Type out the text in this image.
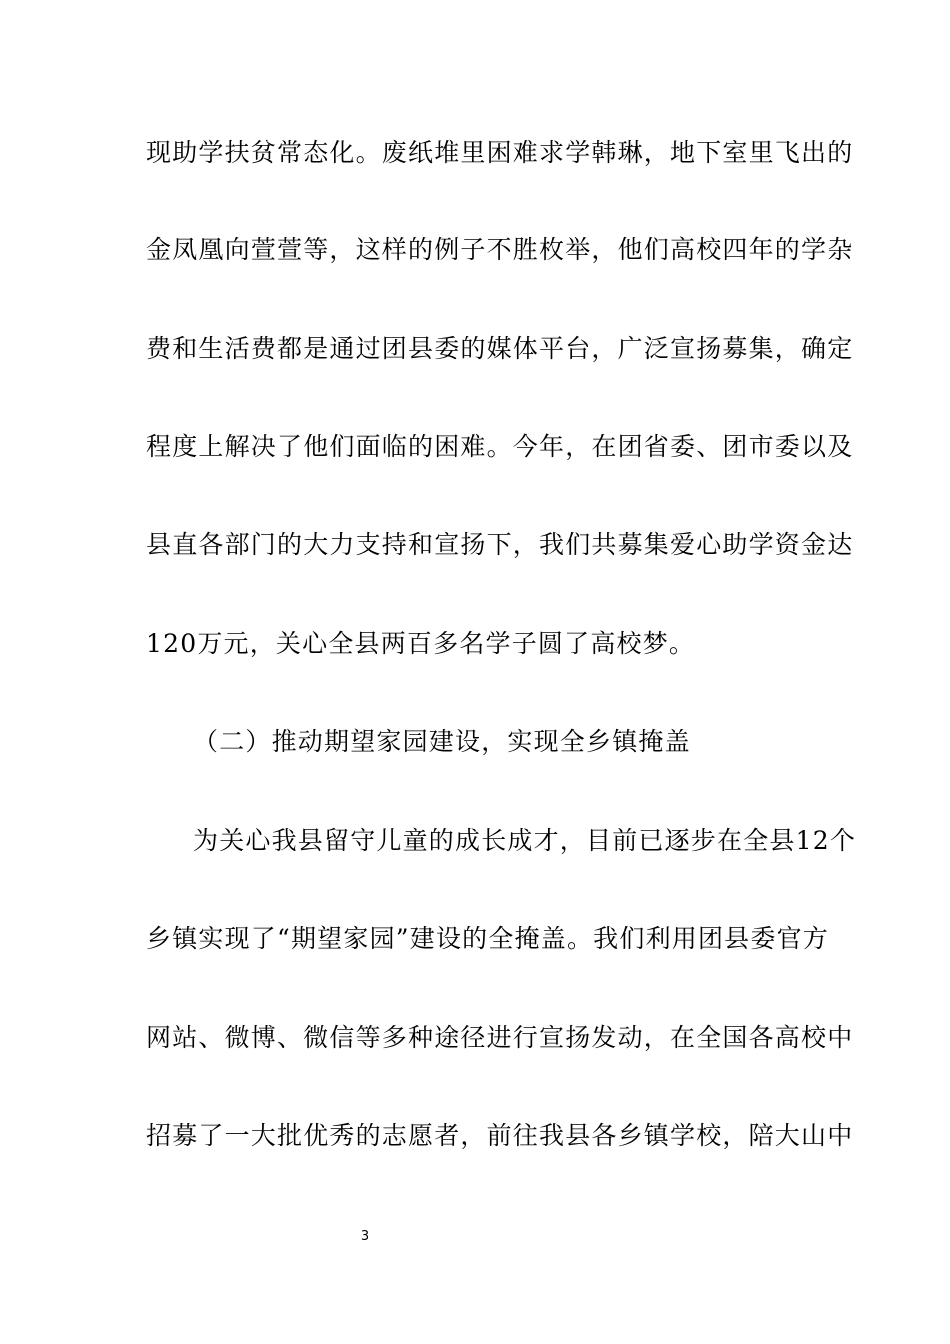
现助学扶贫常态化。废纸堆里困难求学韩琳，地下室里飞出的
金凤凰向萱萱等，这样的例子不胜枚举，他们高校四年的学杂
费和生活费都是通过团县委的媒体平台，广泛宣扬募集，确定
程度上解决了他们面临的困难。今年，在团省委、团市委以及
县直各部门的大力支持和宣扬下，我们共募集爱心助学资金达
120万元，关心全县两百多名学子圆了高校梦。
（二）推动期望家园建设，实现全乡镇掩盖
为关心我县留守儿童的成长成才，目前已逐步在全县12个
乡镇实现了“期望家园”建设的全掩盖。我们利用团县委官方
网站、微博、微信等多种途径进行宣扬发动，在全国各高校中
招募了一大批优秀的志愿者，前往我县各乡镇学校，陪大山中
3
